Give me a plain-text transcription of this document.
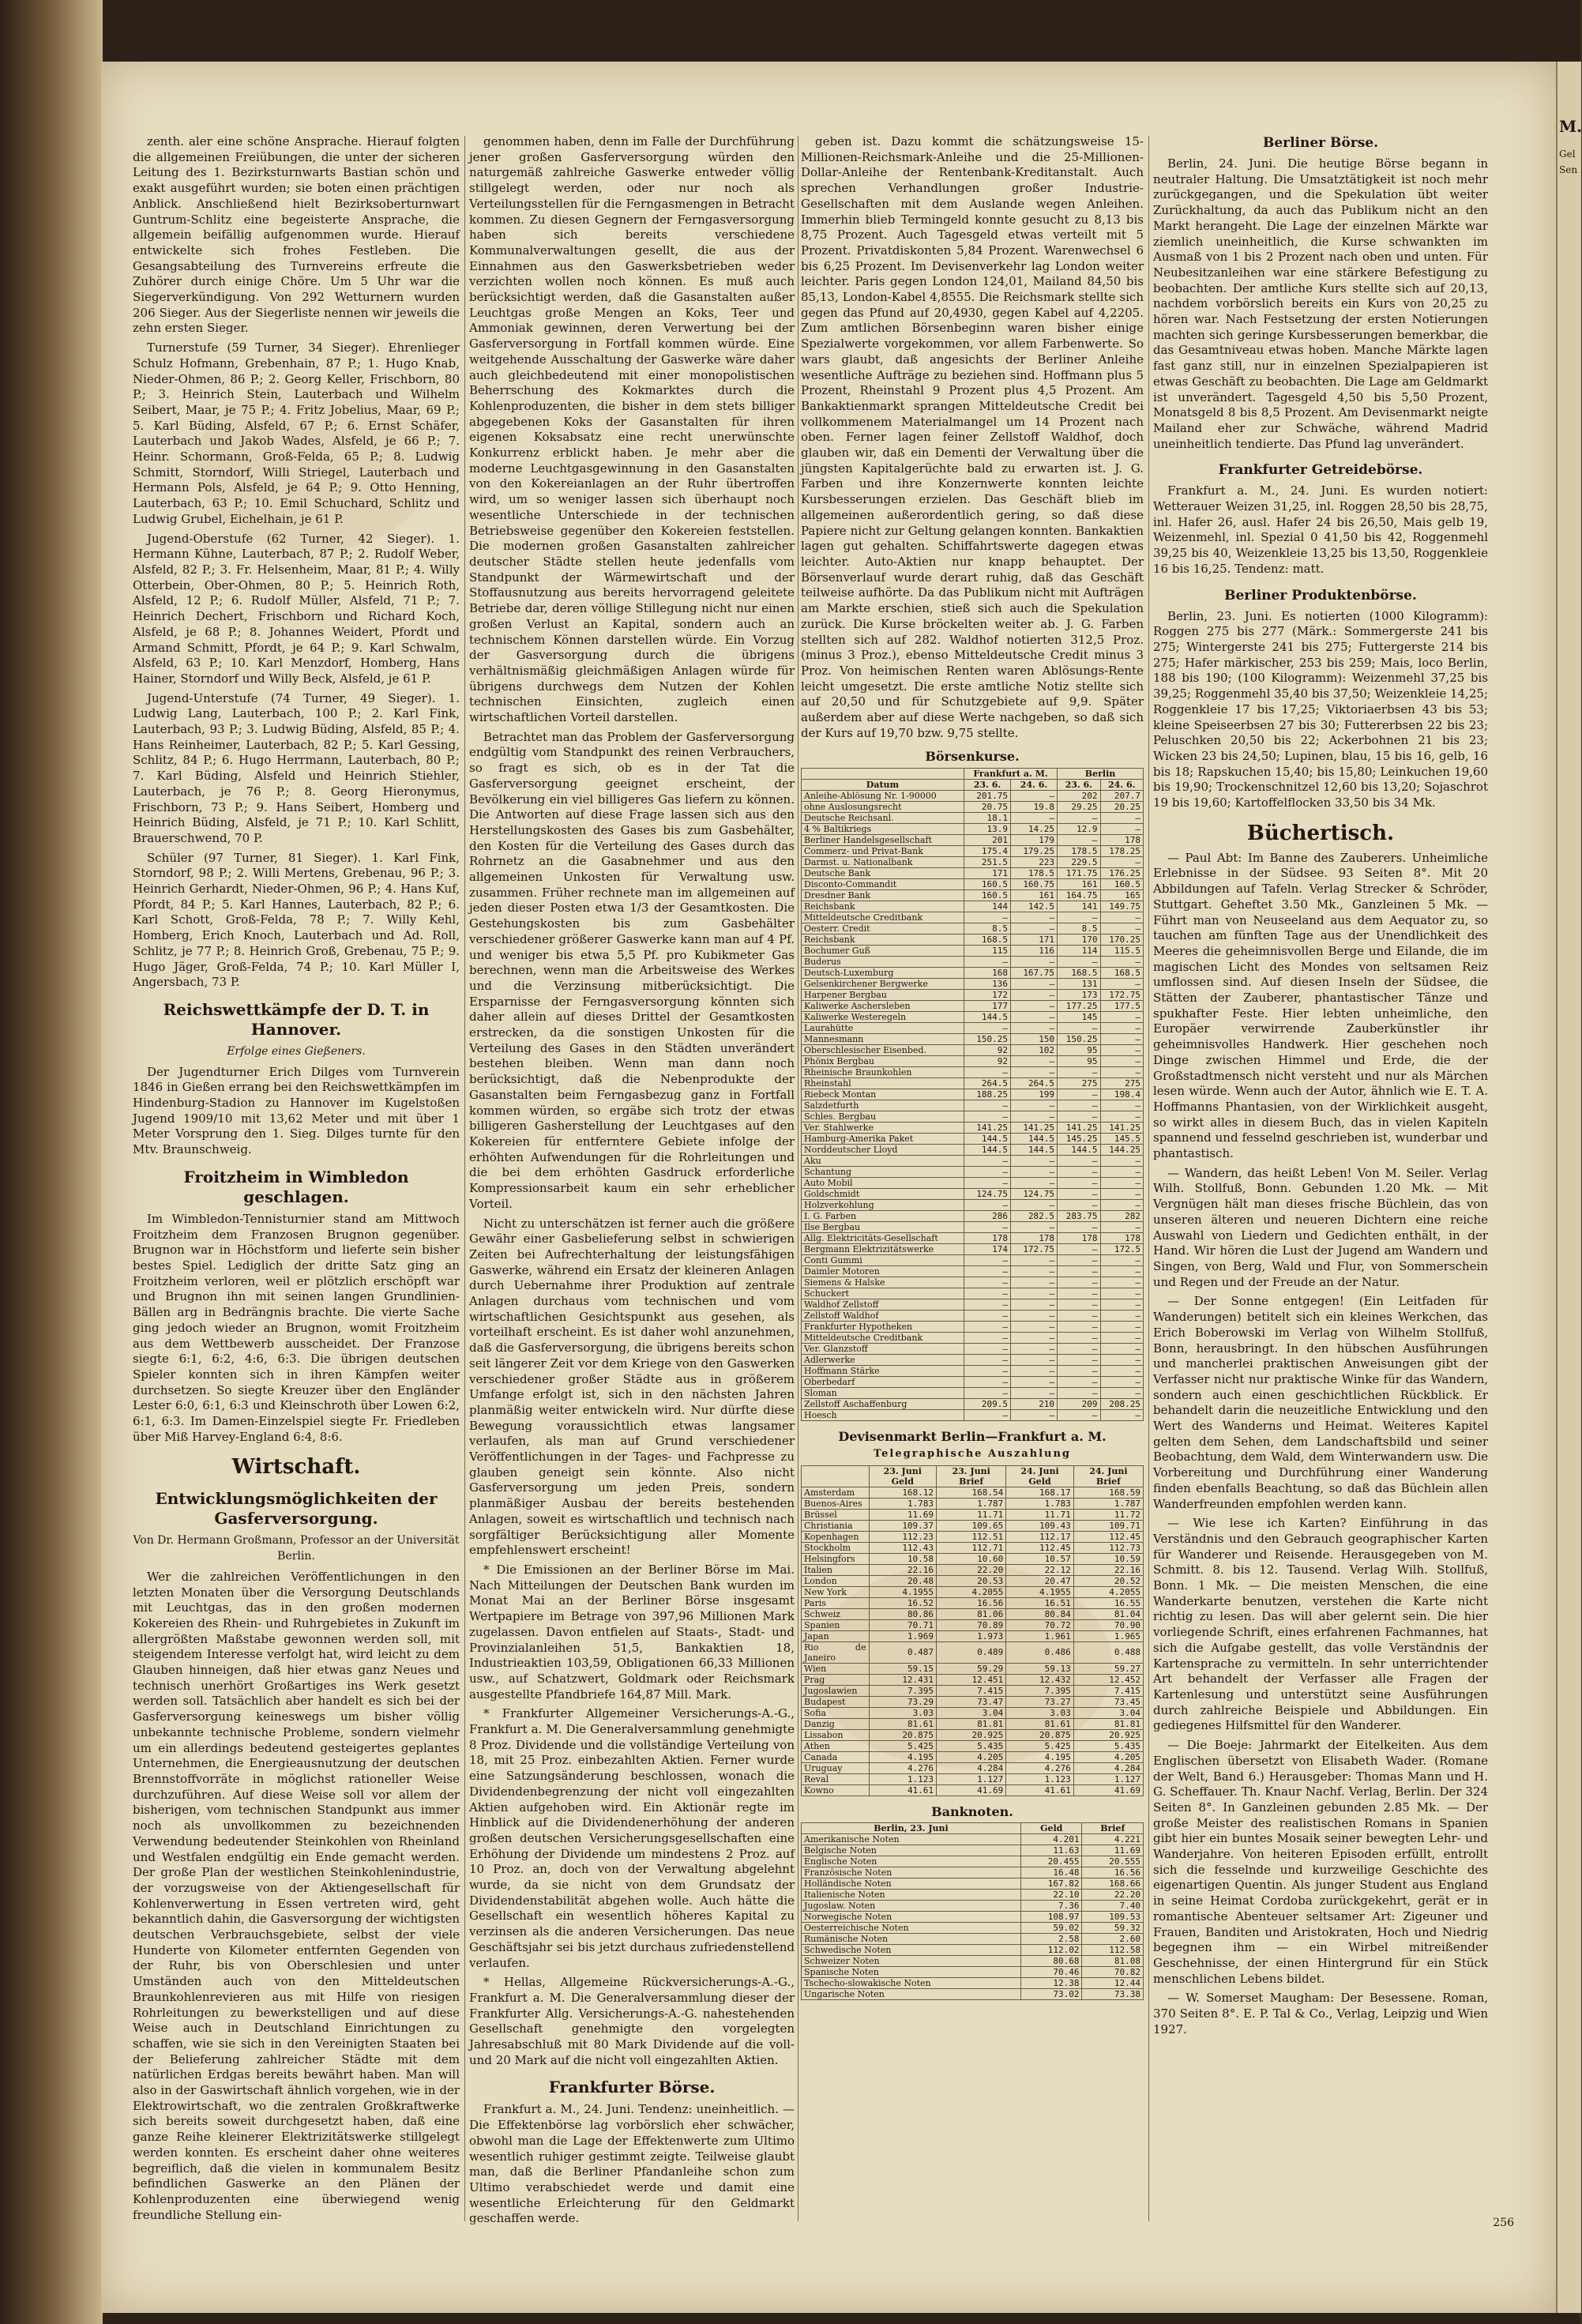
M.
Gel
Sen

zenth. aler eine schöne Ansprache. Hierauf folgten die allgemeinen Freiübungen, die unter der sicheren Leitung des 1. Bezirksturnwarts Bastian schön und exakt ausgeführt wurden; sie boten einen prächtigen Anblick. Anschließend hielt Bezirksoberturnwart Guntrum-Schlitz eine begeisterte Ansprache, die allgemein beifällig aufgenommen wurde. Hierauf entwickelte sich frohes Festleben. Die Gesangsabteilung des Turnvereins erfreute die Zuhörer durch einige Chöre. Um 5 Uhr war die Siegerverkündigung. Von 292 Wetturnern wurden 206 Sieger. Aus der Siegerliste nennen wir jeweils die zehn ersten Sieger.

Turnerstufe (59 Turner, 34 Sieger). Ehrenlieger Schulz Hofmann, Grebenhain, 87 P.; 1. Hugo Knab, Nieder-Ohmen, 86 P.; 2. Georg Keller, Frischborn, 80 P.; 3. Heinrich Stein, Lauterbach und Wilhelm Seibert, Maar, je 75 P.; 4. Fritz Jobelius, Maar, 69 P.; 5. Karl Büding, Alsfeld, 67 P.; 6. Ernst Schäfer, Lauterbach und Jakob Wades, Alsfeld, je 66 P.; 7. Heinr. Schormann, Groß-Felda, 65 P.; 8. Ludwig Schmitt, Storndorf, Willi Striegel, Lauterbach und Hermann Pols, Alsfeld, je 64 P.; 9. Otto Henning, Lauterbach, 63 P.; 10. Emil Schuchard, Schlitz und Ludwig Grubel, Eichelhain, je 61 P.

Jugend-Oberstufe (62 Turner, 42 Sieger). 1. Hermann Kühne, Lauterbach, 87 P.; 2. Rudolf Weber, Alsfeld, 82 P.; 3. Fr. Helsenheim, Maar, 81 P.; 4. Willy Otterbein, Ober-Ohmen, 80 P.; 5. Heinrich Roth, Alsfeld, 12 P.; 6. Rudolf Müller, Alsfeld, 71 P.; 7. Heinrich Dechert, Frischborn und Richard Koch, Alsfeld, je 68 P.; 8. Johannes Weidert, Pfordt und Armand Schmitt, Pfordt, je 64 P.; 9. Karl Schwalm, Alsfeld, 63 P.; 10. Karl Menzdorf, Homberg, Hans Hainer, Storndorf und Willy Beck, Alsfeld, je 61 P.

Jugend-Unterstufe (74 Turner, 49 Sieger). 1. Ludwig Lang, Lauterbach, 100 P.; 2. Karl Fink, Lauterbach, 93 P.; 3. Ludwig Büding, Alsfeld, 85 P.; 4. Hans Reinheimer, Lauterbach, 82 P.; 5. Karl Gessing, Schlitz, 84 P.; 6. Hugo Herrmann, Lauterbach, 80 P.; 7. Karl Büding, Alsfeld und Heinrich Stiehler, Lauterbach, je 76 P.; 8. Georg Hieronymus, Frischborn, 73 P.; 9. Hans Seibert, Homberg und Heinrich Büding, Alsfeld, je 71 P.; 10. Karl Schlitt, Brauerschwend, 70 P.

Schüler (97 Turner, 81 Sieger). 1. Karl Fink, Storndorf, 98 P.; 2. Willi Mertens, Grebenau, 96 P.; 3. Heinrich Gerhardt, Nieder-Ohmen, 96 P.; 4. Hans Kuf, Pfordt, 84 P.; 5. Karl Hannes, Lauterbach, 82 P.; 6. Karl Schott, Groß-Felda, 78 P.; 7. Willy Kehl, Homberg, Erich Knoch, Lauterbach und Ad. Roll, Schlitz, je 77 P.; 8. Heinrich Groß, Grebenau, 75 P.; 9. Hugo Jäger, Groß-Felda, 74 P.; 10. Karl Müller I, Angersbach, 73 P.

Reichswettkämpfe der D. T. in Hannover.
Erfolge eines Gießeners.

Der Jugendturner Erich Dilges vom Turnverein 1846 in Gießen errang bei den Reichswettkämpfen im Hindenburg-Stadion zu Hannover im Kugelstoßen Jugend 1909/10 mit 13,62 Meter und mit über 1 Meter Vorsprung den 1. Sieg. Dilges turnte für den Mtv. Braunschweig.

Froitzheim in Wimbledon geschlagen.

Im Wimbledon-Tennisturnier stand am Mittwoch Froitzheim dem Franzosen Brugnon gegenüber. Brugnon war in Höchstform und lieferte sein bisher bestes Spiel. Lediglich der dritte Satz ging an Froitzheim verloren, weil er plötzlich erschöpft war und Brugnon ihn mit seinen langen Grundlinien-Bällen arg in Bedrängnis brachte. Die vierte Sache ging jedoch wieder an Brugnon, womit Froitzheim aus dem Wettbewerb ausscheidet. Der Franzose siegte 6:1, 6:2, 4:6, 6:3. Die übrigen deutschen Spieler konnten sich in ihren Kämpfen weiter durchsetzen. So siegte Kreuzer über den Engländer Lester 6:0, 6:1, 6:3 und Kleinschroth über Lowen 6:2, 6:1, 6:3. Im Damen-Einzelspiel siegte Fr. Friedleben über Miß Harvey-England 6:4, 8:6.

Wirtschaft.
Entwicklungsmöglichkeiten der Gasferversorgung.
Von Dr. Hermann Großmann, Professor an der Universität Berlin.

Wer die zahlreichen Veröffentlichungen in den letzten Monaten über die Versorgung Deutschlands mit Leuchtgas, das in den großen modernen Kokereien des Rhein- und Ruhrgebietes in Zukunft im allergrößten Maßstabe gewonnen werden soll, mit steigendem Interesse verfolgt hat, wird leicht zu dem Glauben hinneigen, daß hier etwas ganz Neues und technisch unerhört Großartiges ins Werk gesetzt werden soll. Tatsächlich aber handelt es sich bei der Gasferversorgung keineswegs um bisher völlig unbekannte technische Probleme, sondern vielmehr um ein allerdings bedeutend gesteigertes geplantes Unternehmen, die Energieausnutzung der deutschen Brennstoffvorräte in möglichst rationeller Weise durchzuführen. Auf diese Weise soll vor allem der bisherigen, vom technischen Standpunkt aus immer noch als unvollkommen zu bezeichnenden Verwendung bedeutender Steinkohlen von Rheinland und Westfalen endgültig ein Ende gemacht werden. Der große Plan der westlichen Steinkohlenindustrie, der vorzugsweise von der Aktiengesellschaft für Kohlenverwertung in Essen vertreten wird, geht bekanntlich dahin, die Gasversorgung der wichtigsten deutschen Verbrauchsgebiete, selbst der viele Hunderte von Kilometer entfernten Gegenden von der Ruhr, bis von Oberschlesien und unter Umständen auch von den Mitteldeutschen Braunkohlenrevieren aus mit Hilfe von riesigen Rohrleitungen zu bewerkstelligen und auf diese Weise auch in Deutschland Einrichtungen zu schaffen, wie sie sich in den Vereinigten Staaten bei der Belieferung zahlreicher Städte mit dem natürlichen Erdgas bereits bewährt haben. Man will also in der Gaswirtschaft ähnlich vorgehen, wie in der Elektrowirtschaft, wo die zentralen Großkraftwerke sich bereits soweit durchgesetzt haben, daß eine ganze Reihe kleinerer Elektrizitätswerke stillgelegt werden konnten. Es erscheint daher ohne weiteres begreiflich, daß die vielen in kommunalem Besitz befindlichen Gaswerke an den Plänen der Kohlenproduzenten eine überwiegend wenig freundliche Stellung ein-

genommen haben, denn im Falle der Durchführung jener großen Gasferversorgung würden den naturgemäß zahlreiche Gaswerke entweder völlig stillgelegt werden, oder nur noch als Verteilungsstellen für die Ferngasmengen in Betracht kommen. Zu diesen Gegnern der Ferngasversorgung haben sich bereits verschiedene Kommunalverwaltungen gesellt, die aus der Einnahmen aus den Gaswerksbetrieben weder verzichten wollen noch können. Es muß auch berücksichtigt werden, daß die Gasanstalten außer Leuchtgas große Mengen an Koks, Teer und Ammoniak gewinnen, deren Verwertung bei der Gasferversorgung in Fortfall kommen würde. Eine weitgehende Ausschaltung der Gaswerke wäre daher auch gleichbedeutend mit einer monopolistischen Beherrschung des Kokmarktes durch die Kohlenproduzenten, die bisher in dem stets billiger abgegebenen Koks der Gasanstalten für ihren eigenen Koksabsatz eine recht unerwünschte Konkurrenz erblickt haben. Je mehr aber die moderne Leuchtgasgewinnung in den Gasanstalten von den Kokereianlagen an der Ruhr übertroffen wird, um so weniger lassen sich überhaupt noch wesentliche Unterschiede in der technischen Betriebsweise gegenüber den Kokereien feststellen. Die modernen großen Gasanstalten zahlreicher deutscher Städte stellen heute jedenfalls vom Standpunkt der Wärmewirtschaft und der Stoffausnutzung aus bereits hervorragend geleitete Betriebe dar, deren völlige Stillegung nicht nur einen großen Verlust an Kapital, sondern auch an technischem Können darstellen würde. Ein Vorzug der Gasversorgung durch die übrigens verhältnismäßig gleichmäßigen Anlagen würde für übrigens durchwegs dem Nutzen der Kohlen technischen Einsichten, zugleich einen wirtschaftlichen Vorteil darstellen.

Betrachtet man das Problem der Gasferversorgung endgültig vom Standpunkt des reinen Verbrauchers, so fragt es sich, ob es in der Tat die Gasferversorgung geeignet erscheint, der Bevölkerung ein viel billigeres Gas liefern zu können. Die Antworten auf diese Frage lassen sich aus den Herstellungskosten des Gases bis zum Gasbehälter, den Kosten für die Verteilung des Gases durch das Rohrnetz an die Gasabnehmer und aus den allgemeinen Unkosten für Verwaltung usw. zusammen. Früher rechnete man im allgemeinen auf jeden dieser Posten etwa 1/3 der Gesamtkosten. Die Gestehungskosten bis zum Gasbehälter verschiedener größerer Gaswerke kann man auf 4 Pf. und weniger bis etwa 5,5 Pf. pro Kubikmeter Gas berechnen, wenn man die Arbeitsweise des Werkes und die Verzinsung mitberücksichtigt. Die Ersparnisse der Ferngasversorgung könnten sich daher allein auf dieses Drittel der Gesamtkosten erstrecken, da die sonstigen Unkosten für die Verteilung des Gases in den Städten unverändert bestehen bleiben. Wenn man dann noch berücksichtigt, daß die Nebenprodukte der Gasanstalten beim Ferngasbezug ganz in Fortfall kommen würden, so ergäbe sich trotz der etwas billigeren Gasherstellung der Leuchtgases auf den Kokereien für entferntere Gebiete infolge der erhöhten Aufwendungen für die Rohrleitungen und die bei dem erhöhten Gasdruck erforderliche Kompressionsarbeit kaum ein sehr erheblicher Vorteil.

Nicht zu unterschätzen ist ferner auch die größere Gewähr einer Gasbelieferung selbst in schwierigen Zeiten bei Aufrechterhaltung der leistungsfähigen Gaswerke, während ein Ersatz der kleineren Anlagen durch Uebernahme ihrer Produktion auf zentrale Anlagen durchaus vom technischen und vom wirtschaftlichen Gesichtspunkt aus gesehen, als vorteilhaft erscheint. Es ist daher wohl anzunehmen, daß die Gasferversorgung, die übrigens bereits schon seit längerer Zeit vor dem Kriege von den Gaswerken verschiedener großer Städte aus in größerem Umfange erfolgt ist, sich in den nächsten Jahren planmäßig weiter entwickeln wird. Nur dürfte diese Bewegung voraussichtlich etwas langsamer verlaufen, als man auf Grund verschiedener Veröffentlichungen in der Tages- und Fachpresse zu glauben geneigt sein könnte. Also nicht Gasferversorgung um jeden Preis, sondern planmäßiger Ausbau der bereits bestehenden Anlagen, soweit es wirtschaftlich und technisch nach sorgfältiger Berücksichtigung aller Momente empfehlenswert erscheint!

* Die Emissionen an der Berliner Börse im Mai. Nach Mitteilungen der Deutschen Bank wurden im Monat Mai an der Berliner Börse insgesamt Wertpapiere im Betrage von 397,96 Millionen Mark zugelassen. Davon entfielen auf Staats-, Stadt- und Provinzialanleihen 51,5, Bankaktien 18, Industrieaktien 103,59, Obligationen 66,33 Millionen usw., auf Schatzwert, Goldmark oder Reichsmark ausgestellte Pfandbriefe 164,87 Mill. Mark.

* Frankfurter Allgemeiner Versicherungs-A.-G., Frankfurt a. M. Die Generalversammlung genehmigte 8 Proz. Dividende und die vollständige Verteilung von 18, mit 25 Proz. einbezahlten Aktien. Ferner wurde eine Satzungsänderung beschlossen, wonach die Dividendenbegrenzung der nicht voll eingezahlten Aktien aufgehoben wird. Ein Aktionär regte im Hinblick auf die Dividendenerhöhung der anderen großen deutschen Versicherungsgesellschaften eine Erhöhung der Dividende um mindestens 2 Proz. auf 10 Proz. an, doch von der Verwaltung abgelehnt wurde, da sie nicht von dem Grundsatz der Dividendenstabilität abgehen wolle. Auch hätte die Gesellschaft ein wesentlich höheres Kapital zu verzinsen als die anderen Versicherungen. Das neue Geschäftsjahr sei bis jetzt durchaus zufriedenstellend verlaufen.

* Hellas, Allgemeine Rückversicherungs-A.-G., Frankfurt a. M. Die Generalversammlung dieser der Frankfurter Allg. Versicherungs-A.-G. nahestehenden Gesellschaft genehmigte den vorgelegten Jahresabschluß mit 80 Mark Dividende auf die voll- und 20 Mark auf die nicht voll eingezahlten Aktien.

Frankfurter Börse.

Frankfurt a. M., 24. Juni. Tendenz: uneinheitlich. — Die Effektenbörse lag vorbörslich eher schwächer, obwohl man die Lage der Effektenwerte zum Ultimo wesentlich ruhiger gestimmt zeigte. Teilweise glaubt man, daß die Berliner Pfandanleihe schon zum Ultimo verabschiedet werde und damit eine wesentliche Erleichterung für den Geldmarkt geschaffen werde.

geben ist. Dazu kommt die schätzungsweise 15-Millionen-Reichsmark-Anleihe und die 25-Millionen-Dollar-Anleihe der Rentenbank-Kreditanstalt. Auch sprechen Verhandlungen großer Industrie-Gesellschaften mit dem Auslande wegen Anleihen. Immerhin blieb Termingeld konnte gesucht zu 8,13 bis 8,75 Prozent. Auch Tagesgeld etwas verteilt mit 5 Prozent. Privatdiskonten 5,84 Prozent. Warenwechsel 6 bis 6,25 Prozent. Im Devisenverkehr lag London weiter leichter. Paris gegen London 124,01, Mailand 84,50 bis 85,13, London-Kabel 4,8555. Die Reichsmark stellte sich gegen das Pfund auf 20,4930, gegen Kabel auf 4,2205. Zum amtlichen Börsenbeginn waren bisher einige Spezialwerte vorgekommen, vor allem Farbenwerte. So wars glaubt, daß angesichts der Berliner Anleihe wesentliche Aufträge zu beziehen sind. Hoffmann plus 5 Prozent, Rheinstahl 9 Prozent plus 4,5 Prozent. Am Bankaktienmarkt sprangen Mitteldeutsche Credit bei vollkommenem Materialmangel um 14 Prozent nach oben. Ferner lagen feiner Zellstoff Waldhof, doch glauben wir, daß ein Dementi der Verwaltung über die jüngsten Kapitalgerüchte bald zu erwarten ist. J. G. Farben und ihre Konzernwerte konnten leichte Kursbesserungen erzielen. Das Geschäft blieb im allgemeinen außerordentlich gering, so daß diese Papiere nicht zur Geltung gelangen konnten. Bankaktien lagen gut gehalten. Schiffahrtswerte dagegen etwas leichter. Auto-Aktien nur knapp behauptet. Der Börsenverlauf wurde derart ruhig, daß das Geschäft teilweise aufhörte. Da das Publikum nicht mit Aufträgen am Markte erschien, stieß sich auch die Spekulation zurück. Die Kurse bröckelten weiter ab. J. G. Farben stellten sich auf 282. Waldhof notierten 312,5 Proz. (minus 3 Proz.), ebenso Mitteldeutsche Credit minus 3 Proz. Von heimischen Renten waren Ablösungs-Rente leicht umgesetzt. Die erste amtliche Notiz stellte sich auf 20,50 und für Schutzgebiete auf 9,9. Später außerdem aber auf diese Werte nachgeben, so daß sich der Kurs auf 19,70 bzw. 9,75 stellte.

Börsenkurse.
	Frankfurt a. M.		Berlin	
Datum	23. 6.	24. 6.	23. 6.	24. 6.
Anleihe-Ablösung Nr. 1-90000	201.75	—	202	207.7
ohne Auslosungsrecht	20.75	19.8	29.25	20.25
Deutsche Reichsanl.	18.1	—	—	—
4 % Baltikriegs	13.9	14.25	12.9	—
Berliner Handelsgesellschaft	201	179	—	178
Commerz- und Privat-Bank	175.4	179.25	178.5	178.25
Darmst. u. Nationalbank	251.5	223	229.5	—
Deutsche Bank	171	178.5	171.75	176.25
Disconto-Commandit	160.5	160.75	161	160.5
Dresdner Bank	160.5	161	164.75	165
Reichsbank	144	142.5	141	149.75
Mitteldeutsche Creditbank	—	—	—	—
Oesterr. Credit	8.5	—	8.5	—
Reichsbank	168.5	171	170	170.25
Bochumer Guß	115	116	114	115.5
Buderus	—	—	—	—
Deutsch-Luxemburg	168	167.75	168.5	168.5
Gelsenkirchener Bergwerke	136	—	131	—
Harpener Bergbau	172	—	173	172.75
Kaliwerke Aschersleben	177	—	177.25	177.5
Kaliwerke Westeregeln	144.5	—	145	—
Laurahütte	—	—	—	—
Mannesmann	150.25	150	150.25	—
Oberschlesischer Eisenbed.	92	102	95	—
Phönix Bergbau	92	—	95	—
Rheinische Braunkohlen	—	—	—	—
Rheinstahl	264.5	264.5	275	275
Riebeck Montan	188.25	199	—	198.4
Salzdetfurth	—	—	—	—
Schles. Bergbau	—	—	—	—
Ver. Stahlwerke	141.25	141.25	141.25	141.25
Hamburg-Amerika Paket	144.5	144.5	145.25	145.5
Norddeutscher Lloyd	144.5	144.5	144.5	144.25
Aku	—	—	—	—
Schantung	—	—	—	—
Auto Mobil	—	—	—	—
Goldschmidt	124.75	124.75	—	—
Holzverkohlung	—	—	—	—
I. G. Farben	286	282.5	283.75	282
Ilse Bergbau	—	—	—	—
Allg. Elektricitäts-Gesellschaft	178	178	178	178
Bergmann Elektrizitätswerke	174	172.75	—	172.5
Conti Gummi	—	—	—	—
Daimler Motoren	—	—	—	—
Siemens & Halske	—	—	—	—
Schuckert	—	—	—	—
Waldhof Zellstoff	—	—	—	—
Zellstoff Waldhof	—	—	—	—
Frankfurter Hypotheken	—	—	—	—
Mitteldeutsche Creditbank	—	—	—	—
Ver. Glanzstoff	—	—	—	—
Adlerwerke	—	—	—	—
Hoffmann Stärke	—	—	—	—
Oberbedarf	—	—	—	—
Sloman	—	—	—	—
Zellstoff Aschaffenburg	209.5	210	209	208.25
Hoesch	—	—	—	—
Devisenmarkt Berlin—Frankfurt a. M.
Telegraphische Auszahlung
	23. Juni Geld	23. Juni Brief	24. Juni Geld	24. Juni Brief
Amsterdam	168.12	168.54	168.17	168.59
Buenos-Aires	1.783	1.787	1.783	1.787
Brüssel	11.69	11.71	11.71	11.72
Christiania	109.37	109.65	109.43	109.71
Kopenhagen	112.23	112.51	112.17	112.45
Stockholm	112.43	112.71	112.45	112.73
Helsingfors	10.58	10.60	10.57	10.59
Italien	22.16	22.20	22.12	22.16
London	20.48	20.53	20.47	20.52
New York	4.1955	4.2055	4.1955	4.2055
Paris	16.52	16.56	16.51	16.55
Schweiz	80.86	81.06	80.84	81.04
Spanien	70.71	70.89	70.72	70.90
Japan	1.969	1.973	1.961	1.965
Rio de Janeiro	0.487	0.489	0.486	0.488
Wien	59.15	59.29	59.13	59.27
Prag	12.431	12.451	12.432	12.452
Jugoslawien	7.395	7.415	7.395	7.415
Budapest	73.29	73.47	73.27	73.45
Sofia	3.03	3.04	3.03	3.04
Danzig	81.61	81.81	81.61	81.81
Lissabon	20.875	20.925	20.875	20.925
Athen	5.425	5.435	5.425	5.435
Canada	4.195	4.205	4.195	4.205
Uruguay	4.276	4.284	4.276	4.284
Reval	1.123	1.127	1.123	1.127
Kowno	41.61	41.69	41.61	41.69
Banknoten.
Berlin, 23. Juni	Geld	Brief
Amerikanische Noten	4.201	4.221
Belgische Noten	11.63	11.69
Englische Noten	20.455	20.555
Französische Noten	16.48	16.56
Holländische Noten	167.82	168.66
Italienische Noten	22.10	22.20
Jugoslaw. Noten	7.36	7.40
Norwegische Noten	108.97	109.53
Oesterreichische Noten	59.02	59.32
Rumänische Noten	2.58	2.60
Schwedische Noten	112.02	112.58
Schweizer Noten	80.68	81.08
Spanische Noten	70.46	70.82
Tschecho-slowakische Noten	12.38	12.44
Ungarische Noten	73.02	73.38
Berliner Börse.

Berlin, 24. Juni. Die heutige Börse begann in neutraler Haltung. Die Umsatztätigkeit ist noch mehr zurückgegangen, und die Spekulation übt weiter Zurückhaltung, da auch das Publikum nicht an den Markt herangeht. Die Lage der einzelnen Märkte war ziemlich uneinheitlich, die Kurse schwankten im Ausmaß von 1 bis 2 Prozent nach oben und unten. Für Neubesitzanleihen war eine stärkere Befestigung zu beobachten. Der amtliche Kurs stellte sich auf 20,13, nachdem vorbörslich bereits ein Kurs von 20,25 zu hören war. Nach Festsetzung der ersten Notierungen machten sich geringe Kursbesserungen bemerkbar, die das Gesamtniveau etwas hoben. Manche Märkte lagen fast ganz still, nur in einzelnen Spezialpapieren ist etwas Geschäft zu beobachten. Die Lage am Geldmarkt ist unverändert. Tagesgeld 4,50 bis 5,50 Prozent, Monatsgeld 8 bis 8,5 Prozent. Am Devisenmarkt neigte Mailand eher zur Schwäche, während Madrid uneinheitlich tendierte. Das Pfund lag unverändert.

Frankfurter Getreidebörse.

Frankfurt a. M., 24. Juni. Es wurden notiert: Wetterauer Weizen 31,25, inl. Roggen 28,50 bis 28,75, inl. Hafer 26, ausl. Hafer 24 bis 26,50, Mais gelb 19, Weizenmehl, inl. Spezial 0 41,50 bis 42, Roggenmehl 39,25 bis 40, Weizenkleie 13,25 bis 13,50, Roggenkleie 16 bis 16,25. Tendenz: matt.

Berliner Produktenbörse.

Berlin, 23. Juni. Es notierten (1000 Kilogramm): Roggen 275 bis 277 (Märk.: Sommergerste 241 bis 275; Wintergerste 241 bis 275; Futtergerste 214 bis 275; Hafer märkischer, 253 bis 259; Mais, loco Berlin, 188 bis 190; (100 Kilogramm): Weizenmehl 37,25 bis 39,25; Roggenmehl 35,40 bis 37,50; Weizenkleie 14,25; Roggenkleie 17 bis 17,25; Viktoriaerbsen 43 bis 53; kleine Speiseerbsen 27 bis 30; Futtererbsen 22 bis 23; Peluschken 20,50 bis 22; Ackerbohnen 21 bis 23; Wicken 23 bis 24,50; Lupinen, blau, 15 bis 16, gelb, 16 bis 18; Rapskuchen 15,40; bis 15,80; Leinkuchen 19,60 bis 19,90; Trockenschnitzel 12,60 bis 13,20; Sojaschrot 19 bis 19,60; Kartoffelflocken 33,50 bis 34 Mk.

Büchertisch.

— Paul Abt: Im Banne des Zauberers. Unheimliche Erlebnisse in der Südsee. 93 Seiten 8°. Mit 20 Abbildungen auf Tafeln. Verlag Strecker & Schröder, Stuttgart. Geheftet 3.50 Mk., Ganzleinen 5 Mk. — Führt man von Neuseeland aus dem Aequator zu, so tauchen am fünften Tage aus der Unendlichkeit des Meeres die geheimnisvollen Berge und Eilande, die im magischen Licht des Mondes von seltsamen Reiz umflossen sind. Auf diesen Inseln der Südsee, die Stätten der Zauberer, phantastischer Tänze und spukhafter Feste. Hier lebten unheimliche, den Europäer verwirrende Zauberkünstler ihr geheimnisvolles Handwerk. Hier geschehen noch Dinge zwischen Himmel und Erde, die der Großstadtmensch nicht versteht und nur als Märchen lesen würde. Wenn auch der Autor, ähnlich wie E. T. A. Hoffmanns Phantasien, von der Wirklichkeit ausgeht, so wirkt alles in diesem Buch, das in vielen Kapiteln spannend und fesselnd geschrieben ist, wunderbar und phantastisch.

— Wandern, das heißt Leben! Von M. Seiler. Verlag Wilh. Stollfuß, Bonn. Gebunden 1.20 Mk. — Mit Vergnügen hält man dieses frische Büchlein, das von unseren älteren und neueren Dichtern eine reiche Auswahl von Liedern und Gedichten enthält, in der Hand. Wir hören die Lust der Jugend am Wandern und Singen, von Berg, Wald und Flur, von Sommerschein und Regen und der Freude an der Natur.

— Der Sonne entgegen! (Ein Leitfaden für Wanderungen) betitelt sich ein kleines Werkchen, das Erich Boberowski im Verlag von Wilhelm Stollfuß, Bonn, herausbringt. In den hübschen Ausführungen und mancherlei praktischen Anweisungen gibt der Verfasser nicht nur praktische Winke für das Wandern, sondern auch einen geschichtlichen Rückblick. Er behandelt darin die neuzeitliche Entwicklung und den Wert des Wanderns und Heimat. Weiteres Kapitel gelten dem Sehen, dem Landschaftsbild und seiner Beobachtung, dem Wald, dem Winterwandern usw. Die Vorbereitung und Durchführung einer Wanderung finden ebenfalls Beachtung, so daß das Büchlein allen Wanderfreunden empfohlen werden kann.

— Wie lese ich Karten? Einführung in das Verständnis und den Gebrauch geographischer Karten für Wanderer und Reisende. Herausgegeben von M. Schmitt. 8. bis 12. Tausend. Verlag Wilh. Stollfuß, Bonn. 1 Mk. — Die meisten Menschen, die eine Wanderkarte benutzen, verstehen die Karte nicht richtig zu lesen. Das will aber gelernt sein. Die hier vorliegende Schrift, eines erfahrenen Fachmannes, hat sich die Aufgabe gestellt, das volle Verständnis der Kartensprache zu vermitteln. In sehr unterrichtender Art behandelt der Verfasser alle Fragen der Kartenlesung und unterstützt seine Ausführungen durch zahlreiche Beispiele und Abbildungen. Ein gediegenes Hilfsmittel für den Wanderer.

— Die Boeje: Jahrmarkt der Eitelkeiten. Aus dem Englischen übersetzt von Elisabeth Wader. (Romane der Welt, Band 6.) Herausgeber: Thomas Mann und H. G. Scheffauer. Th. Knaur Nachf. Verlag, Berlin. Der 324 Seiten 8°. In Ganzleinen gebunden 2.85 Mk. — Der große Meister des realistischen Romans in Spanien gibt hier ein buntes Mosaik seiner bewegten Lehr- und Wanderjahre. Von heiteren Episoden erfüllt, entrollt sich die fesselnde und kurzweilige Geschichte des eigenartigen Quentin. Als junger Student aus England in seine Heimat Cordoba zurückgekehrt, gerät er in romantische Abenteuer seltsamer Art: Zigeuner und Frauen, Banditen und Aristokraten, Hoch und Niedrig begegnen ihm — ein Wirbel mitreißender Geschehnisse, der einen Hintergrund für ein Stück menschlichen Lebens bildet.

— W. Somerset Maugham: Der Besessene. Roman, 370 Seiten 8°. E. P. Tal & Co., Verlag, Leipzig und Wien 1927.

256
